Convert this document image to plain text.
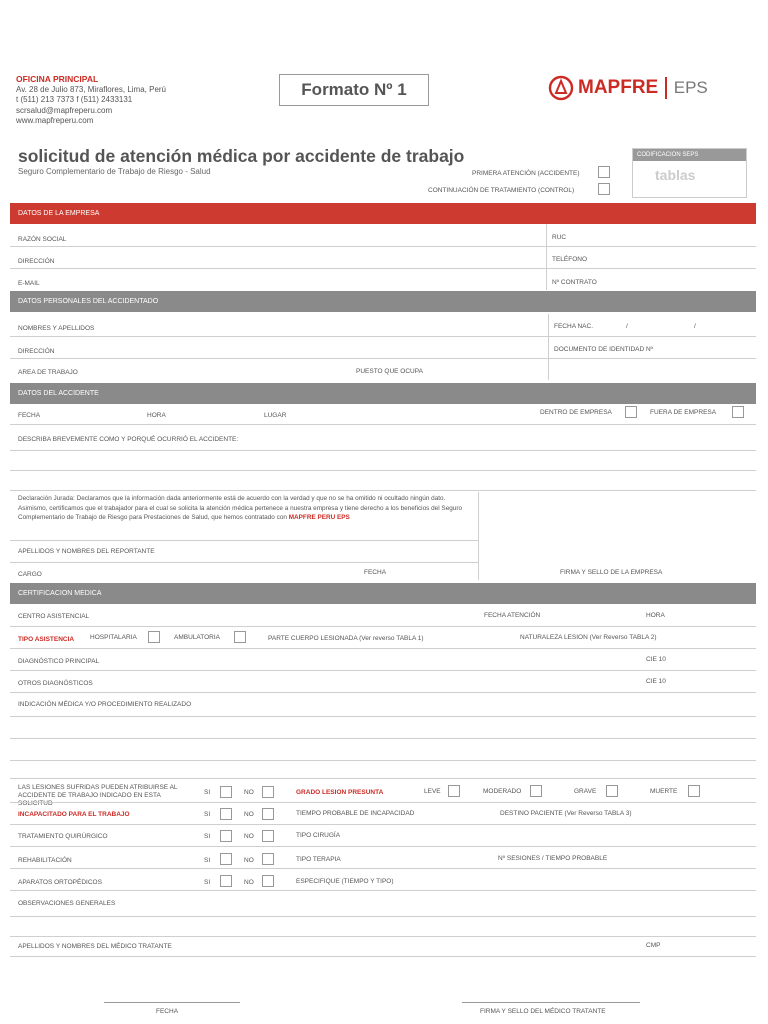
OFICINA PRINCIPAL
Av. 28 de Julio 873, Miraflores, Lima, Perú
t (511) 213 7373 f (511) 2433131
scrsalud@mapfreperu.com
www.mapfreperu.com
Formato Nº 1	MAPFRE EPS
solicitud de atención médica por accidente de trabajo
Seguro Complementario de Trabajo de Riesgo - Salud
CODIFICACION SEPS
tablas
PRIMERA ATENCIÓN (ACCIDENTE)
CONTINUACIÓN DE TRATAMIENTO (CONTROL)
DATOS DE LA EMPRESA
RAZÓN SOCIAL	RUC
DIRECCIÓN	TELÉFONO
E-MAIL	Nº CONTRATO
DATOS PERSONALES DEL ACCIDENTADO
NOMBRES Y APELLIDOS	FECHA NAC.	/	/
DIRECCIÓN	DOCUMENTO DE IDENTIDAD Nº
AREA DE TRABAJO	PUESTO QUE OCUPA
DATOS DEL ACCIDENTE
FECHA	HORA	LUGAR	DENTRO DE EMPRESA	FUERA DE EMPRESA
DESCRIBA BREVEMENTE COMO Y PORQUÉ OCURRIÓ EL ACCIDENTE:
Declaración Jurada: Declaramos que la información dada anteriormente está de acuerdo con la verdad y que no se ha omitido ni ocultado ningún dato. Asimismo, certificamos que el trabajador para el cual se solicita la atención médica pertenece a nuestra empresa y tiene derecho a los beneficios del Seguro Complementario de Trabajo de Riesgo para Prestaciones de Salud, que hemos contratado con MAPFRE PERU EPS
APELLIDOS Y NOMBRES DEL REPORTANTE
CARGO	FECHA	FIRMA Y SELLO DE LA EMPRESA
CERTIFICACION MEDICA
CENTRO ASISTENCIAL	FECHA ATENCIÓN	HORA
TIPO ASISTENCIA HOSPITALARIA	AMBULATORIA	PARTE CUERPO LESIONADA (Ver reverso TABLA 1)	NATURALEZA LESION (Ver Reverso TABLA 2)
DIAGNÓSTICO PRINCIPAL	CIE 10
OTROS DIAGNÓSTICOS	CIE 10
INDICACIÓN MÉDICA Y/O PROCEDIMIENTO REALIZADO
LAS LESIONES SUFRIDAS PUEDEN ATRIBUIRSE AL ACCIDENTE DE TRABAJO INDICADO EN ESTA SOLICITUD
SI	NO	GRADO LESION PRESUNTA	LEVE	MODERADO	GRAVE	MUERTE
INCAPACITADO PARA EL TRABAJO	SI	NO	TIEMPO PROBABLE DE INCAPACIDAD	DESTINO PACIENTE (Ver Reverso TABLA 3)
TRATAMIENTO QUIRÚRGICO	SI	NO	TIPO CIRUGÍA
REHABILITACIÓN	SI	NO	TIPO TERAPIA	Nº SESIONES / TIEMPO PROBABLE
APARATOS ORTOPÉDICOS	SI	NO	ESPECIFIQUE (TIEMPO Y TIPO)
OBSERVACIONES GENERALES
APELLIDOS Y NOMBRES DEL MÉDICO TRATANTE	CMP
FECHA	FIRMA Y SELLO DEL MÉDICO TRATANTE
